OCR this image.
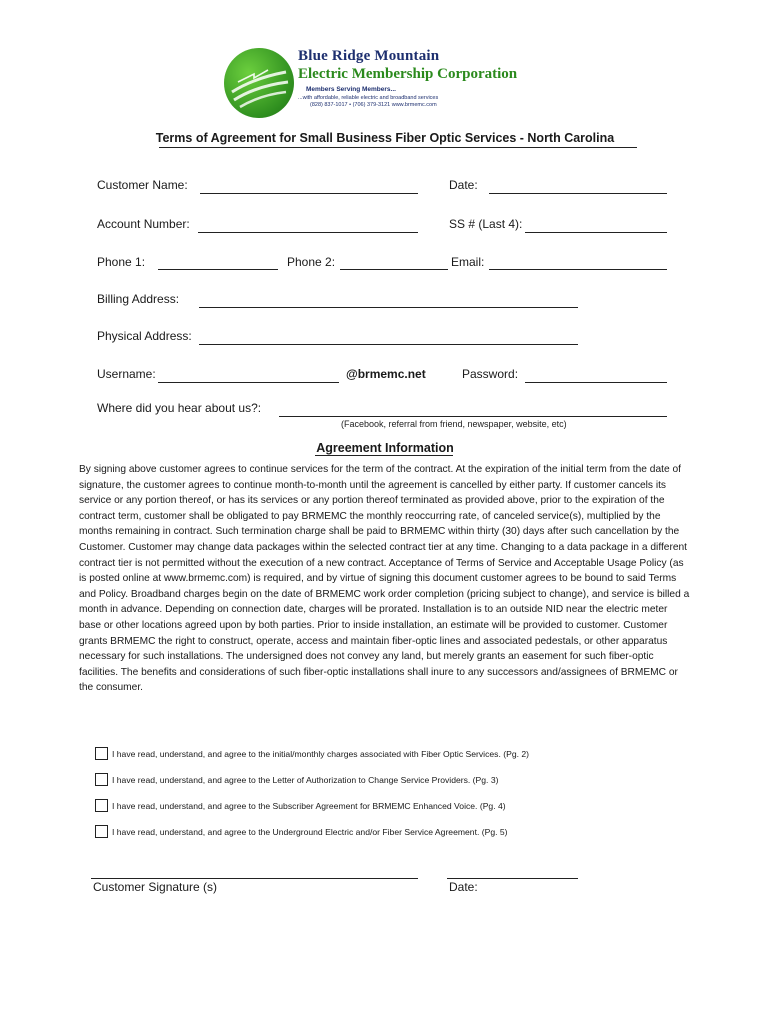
Blue Ridge Mountain
Electric Membership Corporation
Members Serving Members...
...with affordable, reliable electric and broadband services
(828) 837-1017 • (706) 379-3121 www.brmemc.com
Terms of Agreement for Small Business Fiber Optic Services - North Carolina
Customer Name:	Date:
Account Number:	SS # (Last 4):
Phone 1:	Phone 2:	Email:
Billing Address:
Physical Address:
Username:	@brmemc.net	Password:
Where did you hear about us?:
(Facebook, referral from friend, newspaper, website, etc)
Agreement Information
By signing above customer agrees to continue services for the term of the contract. At the expiration of the initial term from the date of signature, the customer agrees to continue month-to-month until the agreement is cancelled by either party. If customer cancels its service or any portion thereof, or has its services or any portion thereof terminated as provided above, prior to the expiration of the contract term, customer shall be obligated to pay BRMEMC the monthly reoccurring rate, of canceled service(s), multiplied by the months remaining in contract. Such termination charge shall be paid to BRMEMC within thirty (30) days after such cancellation by the Customer. Customer may change data packages within the selected contract tier at any time. Changing to a data package in a different contract tier is not permitted without the execution of a new contract. Acceptance of Terms of Service and Acceptable Usage Policy (as is posted online at www.brmemc.com) is required, and by virtue of signing this document customer agrees to be bound to said Terms and Policy. Broadband charges begin on the date of BRMEMC work order completion (pricing subject to change), and service is billed a month in advance. Depending on connection date, charges will be prorated. Installation is to an outside NID near the electric meter base or other locations agreed upon by both parties. Prior to inside installation, an estimate will be provided to customer. Customer grants BRMEMC the right to construct, operate, access and maintain fiber-optic lines and associated pedestals, or other apparatus necessary for such installations. The undersigned does not convey any land, but merely grants an easement for such fiber-optic facilities. The benefits and considerations of such fiber-optic installations shall inure to any successors and/assignees of BRMEMC or the consumer.
I have read, understand, and agree to the initial/monthly charges associated with Fiber Optic Services. (Pg. 2)
I have read, understand, and agree to the Letter of Authorization to Change Service Providers. (Pg. 3)
I have read, understand, and agree to the Subscriber Agreement for BRMEMC Enhanced Voice. (Pg. 4)
I have read, understand, and agree to the Underground Electric and/or Fiber Service Agreement. (Pg. 5)
Customer Signature (s)	Date:
